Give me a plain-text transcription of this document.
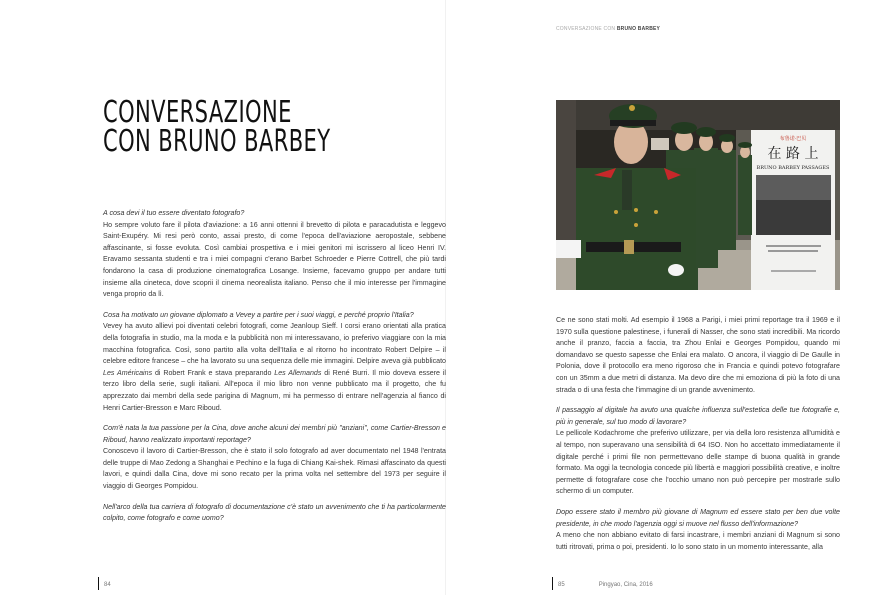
CONVERSAZIONE CON BRUNO BARBEY
CONVERSAZIONE
CON BRUNO BARBEY

A cosa devi il tuo essere diventato fotografo?
Ho sempre voluto fare il pilota d'aviazione: a 16 anni ottenni il brevetto di pilota e paracadutista e leggevo Saint-Exupéry. Mi resi però conto, assai presto, di come l'epoca dell'aviazione aeropostale, sebbene affascinante, si fosse evoluta. Così cambiai prospettiva e i miei genitori mi iscrissero al liceo Henri IV. Eravamo sessanta studenti e tra i miei compagni c'erano Barbet Schroeder e Pierre Cottrell, che più tardi fondarono la casa di produzione cinematografica Losange. Insieme, facevamo gruppo per andare tutti insieme alla cineteca, dove scoprii il cinema neorealista italiano. Penso che il mio interesse per l'immagine venga proprio da lì.

Cosa ha motivato un giovane diplomato a Vevey a partire per i suoi viaggi, e perché proprio l'Italia?
Vevey ha avuto allievi poi diventati celebri fotografi, come Jeanloup Sieff. I corsi erano orientati alla pratica della fotografia in studio, ma la moda e la pubblicità non mi interessavano, io preferivo viaggiare con la mia macchina fotografica. Così, sono partito alla volta dell'Italia e al ritorno ho incontrato Robert Delpire – il celebre editore francese – che ha lavorato su una sequenza delle mie immagini. Delpire aveva già pubblicato Les Américains di Robert Frank e stava preparando Les Allemands di René Burri. Il mio doveva essere il terzo libro della serie, sugli italiani. All'epoca il mio libro non venne pubblicato ma il progetto, che fu apprezzato dai membri della sede parigina di Magnum, mi ha permesso di entrare nell'agenzia al fianco di Henri Cartier-Bresson e Marc Riboud.

Com'è nata la tua passione per la Cina, dove anche alcuni dei membri più "anziani", come Cartier-Bresson e Riboud, hanno realizzato importanti reportage?
Conoscevo il lavoro di Cartier-Bresson, che è stato il solo fotografo ad aver documentato nel 1948 l'entrata delle truppe di Mao Zedong a Shanghai e Pechino e la fuga di Chiang Kai-shek. Rimasi affascinato da questi lavori, e quindi dalla Cina, dove mi sono recato per la prima volta nel settembre del 1973 per seguire il viaggio di Georges Pompidou.

Nell'arco della tua carriera di fotografo di documentazione c'è stato un avvenimento che ti ha particolarmente colpito, come fotografo e come uomo?

布鲁诺·巴贝
在 路 上
BRUNO BARBEY PASSAGES

Ce ne sono stati molti. Ad esempio il 1968 a Parigi, i miei primi reportage tra il 1969 e il 1970 sulla questione palestinese, i funerali di Nasser, che sono stati incredibili. Ma ricordo anche il pranzo, faccia a faccia, tra Zhou Enlai e Georges Pompidou, quando mi domandavo se questo sapesse che Enlai era malato. O ancora, il viaggio di De Gaulle in Polonia, dove il protocollo era meno rigoroso che in Francia e quindi potevo fotografare con un 35mm a due metri di distanza. Ma devo dire che mi emoziona di più la foto di una strada o di una festa che l'immagine di un grande avvenimento.

Il passaggio al digitale ha avuto una qualche influenza sull'estetica delle tue fotografie e, più in generale, sul tuo modo di lavorare?
Le pellicole Kodachrome che preferivo utilizzare, per via della loro resistenza all'umidità e al tempo, non superavano una sensibilità di 64 ISO. Non ho accettato immediatamente il digitale perché i primi file non permettevano delle stampe di buona qualità in grande formato. Ma oggi la tecnologia concede più libertà e maggiori possibilità creative, e inoltre permette di fotografare cose che l'occhio umano non può percepire per mostrarle sullo schermo di un computer.

Dopo essere stato il membro più giovane di Magnum ed essere stato per ben due volte presidente, in che modo l'agenzia oggi si muove nel flusso dell'informazione?
A meno che non abbiano evitato di farsi incastrare, i membri anziani di Magnum si sono tutti ritrovati, prima o poi, presidenti. Io lo sono stato in un momento interessante, alla

84	85	Pingyao, Cina, 2016
